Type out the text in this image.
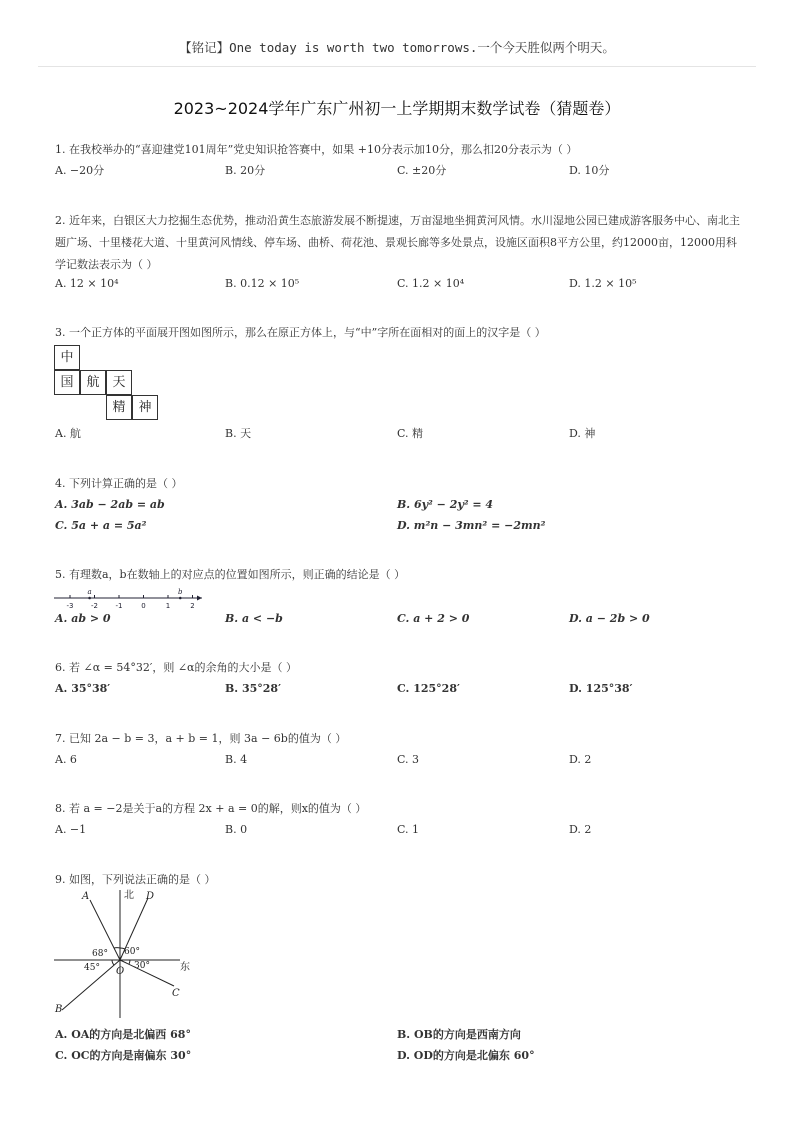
【铭记】One today is worth two tomorrows.一个今天胜似两个明天。
2023~2024学年广东广州初一上学期期末数学试卷（猜题卷）
1. 在我校举办的“喜迎建党101周年”党史知识抢答赛中，如果 +10分表示加10分，那么扣20分表示为（ ）
A. −20分	B. 20分	C. ±20分	D. 10分
2. 近年来，白银区大力挖掘生态优势，推动沿黄生态旅游发展不断提速，万亩湿地坐拥黄河风情。水川湿地公园已建成游客服务中心、南北主题广场、十里楼花大道、十里黄河风情线、停车场、曲桥、荷花池、景观长廊等多处景点，设施区面积8平方公里，约12000亩，12000用科学记数法表示为（ ）
A. 12 × 10⁴	B. 0.12 × 10⁵	C. 1.2 × 10⁴	D. 1.2 × 10⁵
3. 一个正方体的平面展开图如图所示，那么在原正方体上，与“中”字所在面相对的面上的汉字是（ ）
中
国 航 天
精 神
A. 航	B. 天	C. 精	D. 神
4. 下列计算正确的是（ ）
A. 3ab − 2ab = ab	B. 6y² − 2y² = 4
C. 5a + a = 5a²	D. m²n − 3mn² = −2mn²
5. 有理数a，b在数轴上的对应点的位置如图所示，则正确的结论是（ ）
-3	-2	-1	0	1	2
a	b
A. ab > 0	B. a < −b	C. a + 2 > 0	D. a − 2b > 0
6. 若 ∠α = 54°32′，则 ∠α的余角的大小是（ ）
A. 35°38′	B. 35°28′	C. 125°28′	D. 125°38′
7. 已知 2a − b = 3，a + b = 1，则 3a − 6b的值为（ ）
A. 6	B. 4	C. 3	D. 2
8. 若 a = −2是关于a的方程 2x + a = 0的解，则x的值为（ ）
A. −1	B. 0	C. 1	D. 2
9. 如图，下列说法正确的是（ ）
北
东
A	D
B
C
O
68° 60°
45°	30°
A. OA的方向是北偏西 68°	B. OB的方向是西南方向
C. OC的方向是南偏东 30°	D. OD的方向是北偏东 60°
